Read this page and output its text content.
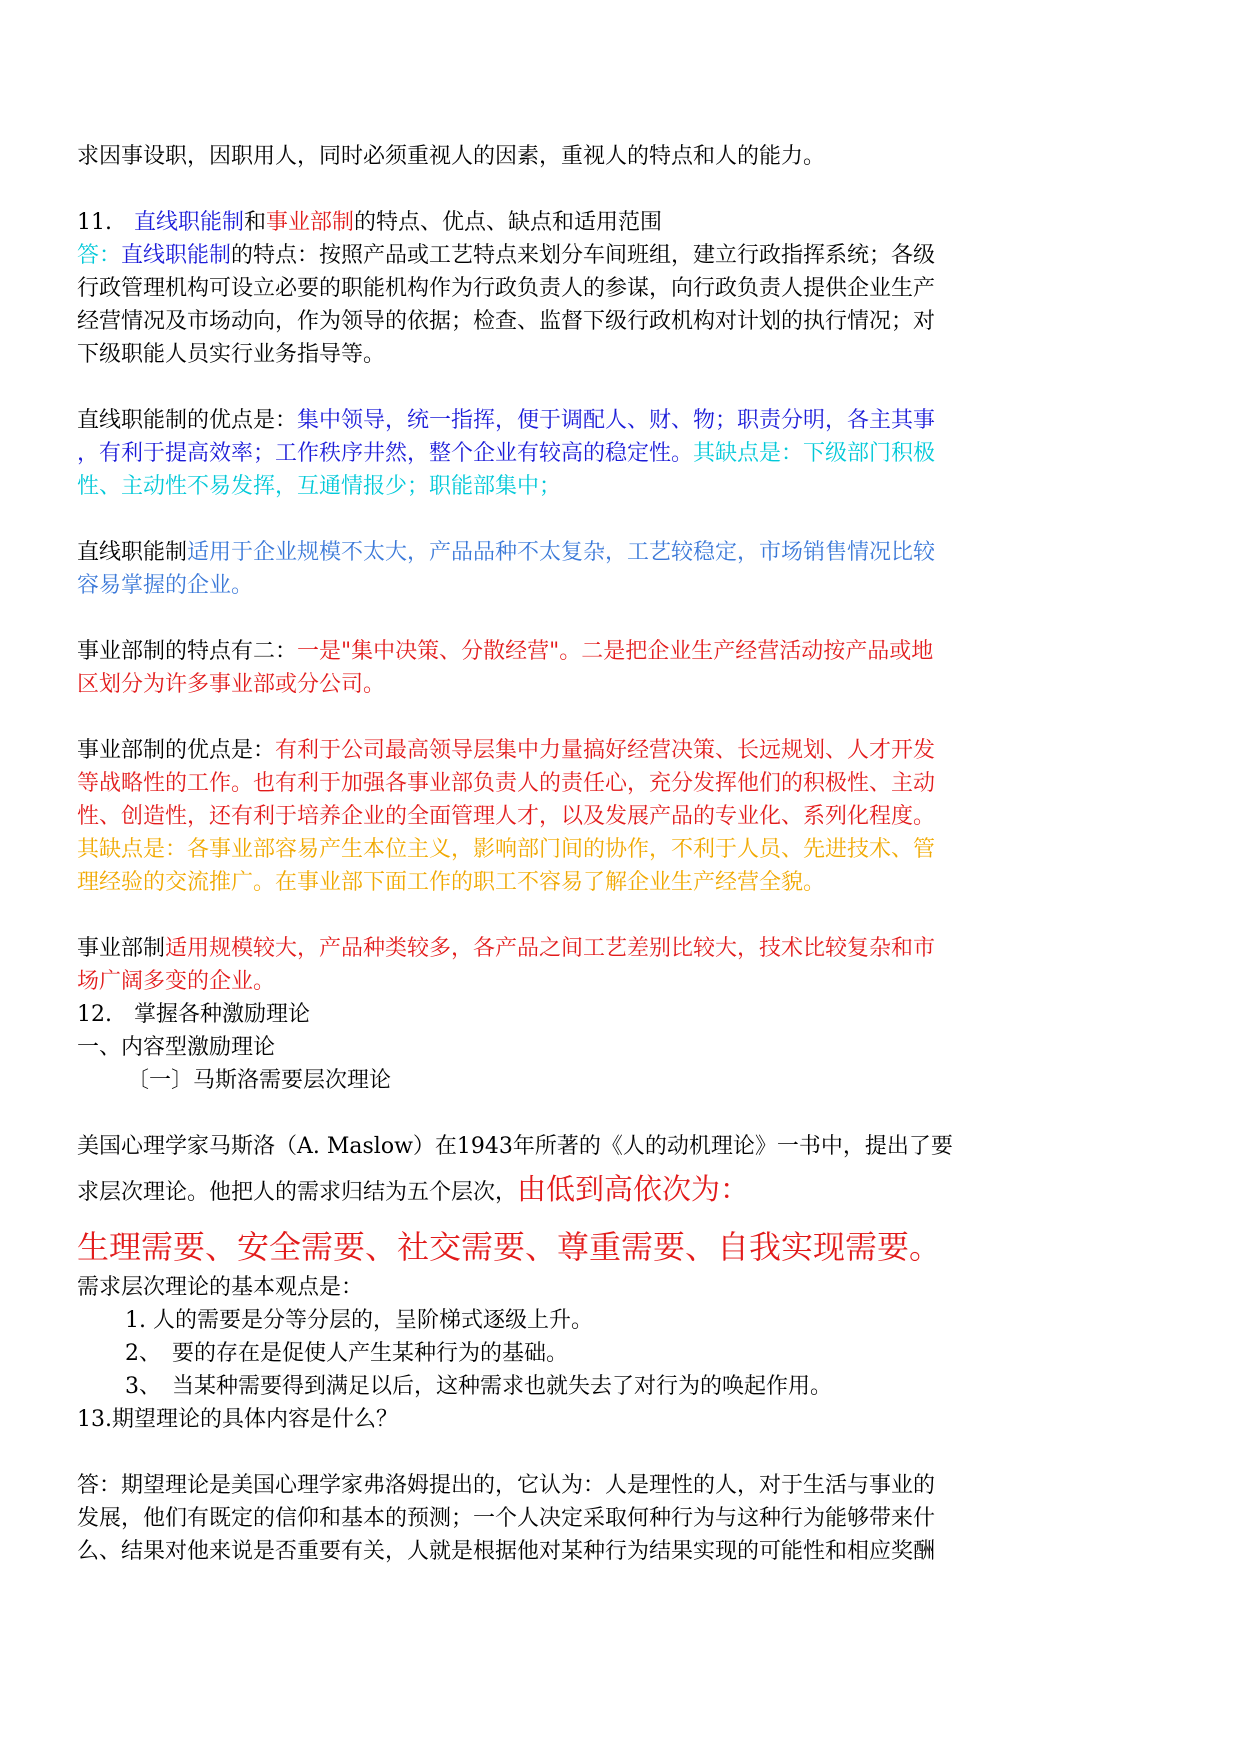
求因事设职，因职用人，同时必须重视人的因素，重视人的特点和人的能力。
11.　直线职能制和事业部制的特点、优点、缺点和适用范围
答：直线职能制的特点：按照产品或工艺特点来划分车间班组，建立行政指挥系统；各级
行政管理机构可设立必要的职能机构作为行政负责人的参谋，向行政负责人提供企业生产
经营情况及市场动向，作为领导的依据；检查、监督下级行政机构对计划的执行情况；对
下级职能人员实行业务指导等。
直线职能制的优点是：集中领导，统一指挥，便于调配人、财、物；职责分明，各主其事
，有利于提高效率；工作秩序井然，整个企业有较高的稳定性。其缺点是：下级部门积极
性、主动性不易发挥，互通情报少；职能部集中；
直线职能制适用于企业规模不太大，产品品种不太复杂，工艺较稳定，市场销售情况比较
容易掌握的企业。
事业部制的特点有二：一是"集中决策、分散经营"。二是把企业生产经营活动按产品或地
区划分为许多事业部或分公司。
事业部制的优点是：有利于公司最高领导层集中力量搞好经营决策、长远规划、人才开发
等战略性的工作。也有利于加强各事业部负责人的责任心，充分发挥他们的积极性、主动
性、创造性，还有利于培养企业的全面管理人才，以及发展产品的专业化、系列化程度。
其缺点是：各事业部容易产生本位主义，影响部门间的协作，不利于人员、先进技术、管
理经验的交流推广。在事业部下面工作的职工不容易了解企业生产经营全貌。
事业部制适用规模较大，产品种类较多，各产品之间工艺差别比较大，技术比较复杂和市
场广阔多变的企业。
12.　掌握各种激励理论
一、内容型激励理论
〔一〕马斯洛需要层次理论
美国心理学家马斯洛（A. Maslow）在1943年所著的《人的动机理论》一书中，提出了要
求层次理论。他把人的需求归结为五个层次，由低到高依次为：
生理需要、安全需要、社交需要、尊重需要、自我实现需要。
需求层次理论的基本观点是：
1. 人的需要是分等分层的，呈阶梯式逐级上升。
2、　要的存在是促使人产生某种行为的基础。
3、　当某种需要得到满足以后，这种需求也就失去了对行为的唤起作用。
13.期望理论的具体内容是什么？
答：期望理论是美国心理学家弗洛姆提出的，它认为：人是理性的人，对于生活与事业的
发展，他们有既定的信仰和基本的预测；一个人决定采取何种行为与这种行为能够带来什
么、结果对他来说是否重要有关，人就是根据他对某种行为结果实现的可能性和相应奖酬
